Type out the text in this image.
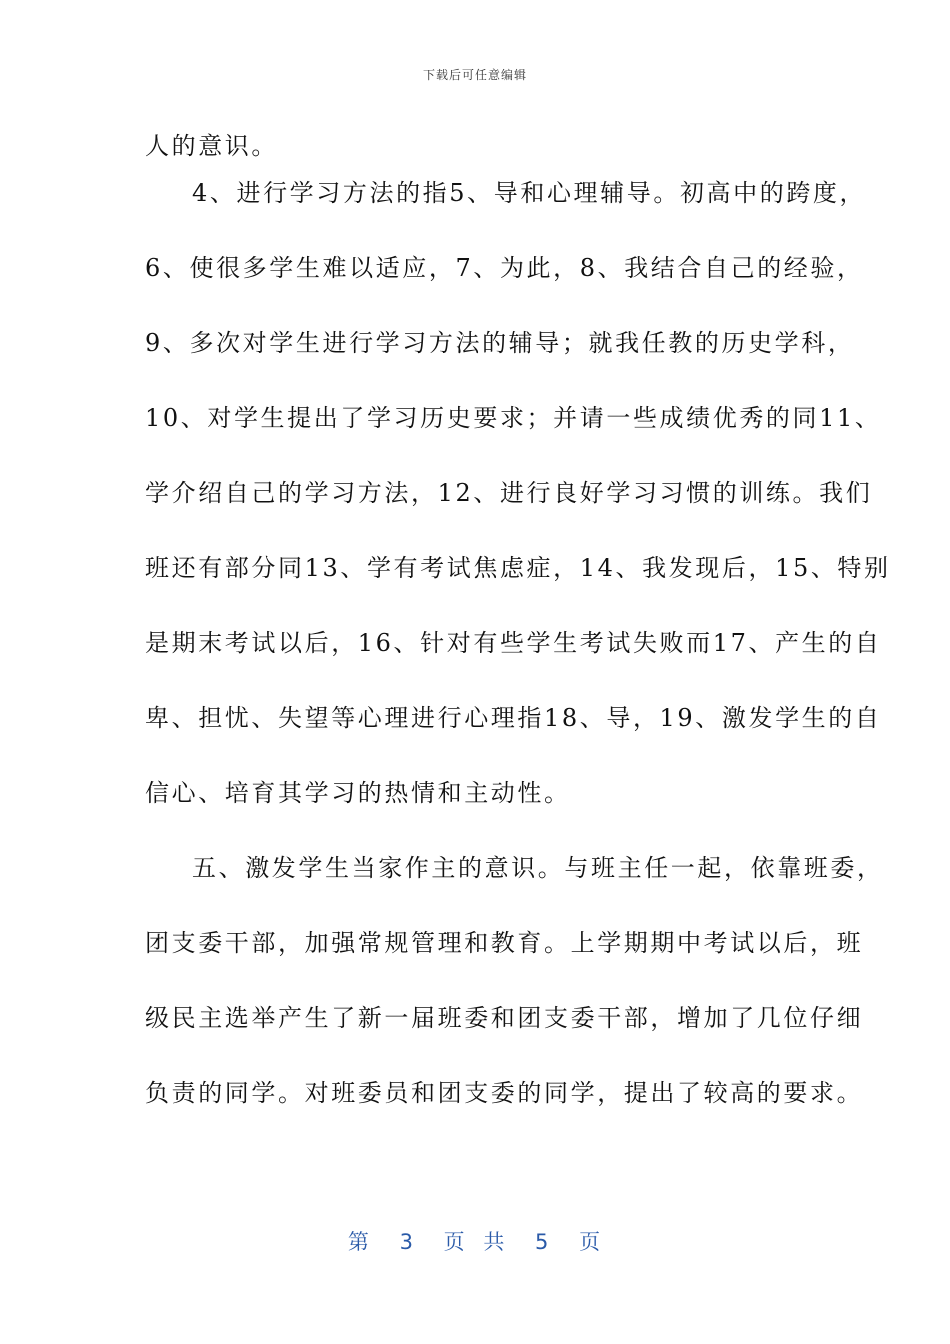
下载后可任意编辑
人的意识。
4、进行学习方法的指5、导和心理辅导。初高中的跨度，
6、使很多学生难以适应，7、为此，8、我结合自己的经验，
9、多次对学生进行学习方法的辅导；就我任教的历史学科，
10、对学生提出了学习历史要求；并请一些成绩优秀的同11、
学介绍自己的学习方法，12、进行良好学习习惯的训练。我们
班还有部分同13、学有考试焦虑症，14、我发现后，15、特别
是期末考试以后，16、针对有些学生考试失败而17、产生的自
卑、担忧、失望等心理进行心理指18、导，19、激发学生的自
信心、培育其学习的热情和主动性。
五、激发学生当家作主的意识。与班主任一起，依靠班委，
团支委干部，加强常规管理和教育。上学期期中考试以后，班
级民主选举产生了新一届班委和团支委干部，增加了几位仔细
负责的同学。对班委员和团支委的同学，提出了较高的要求。
第 3 页 共 5 页
